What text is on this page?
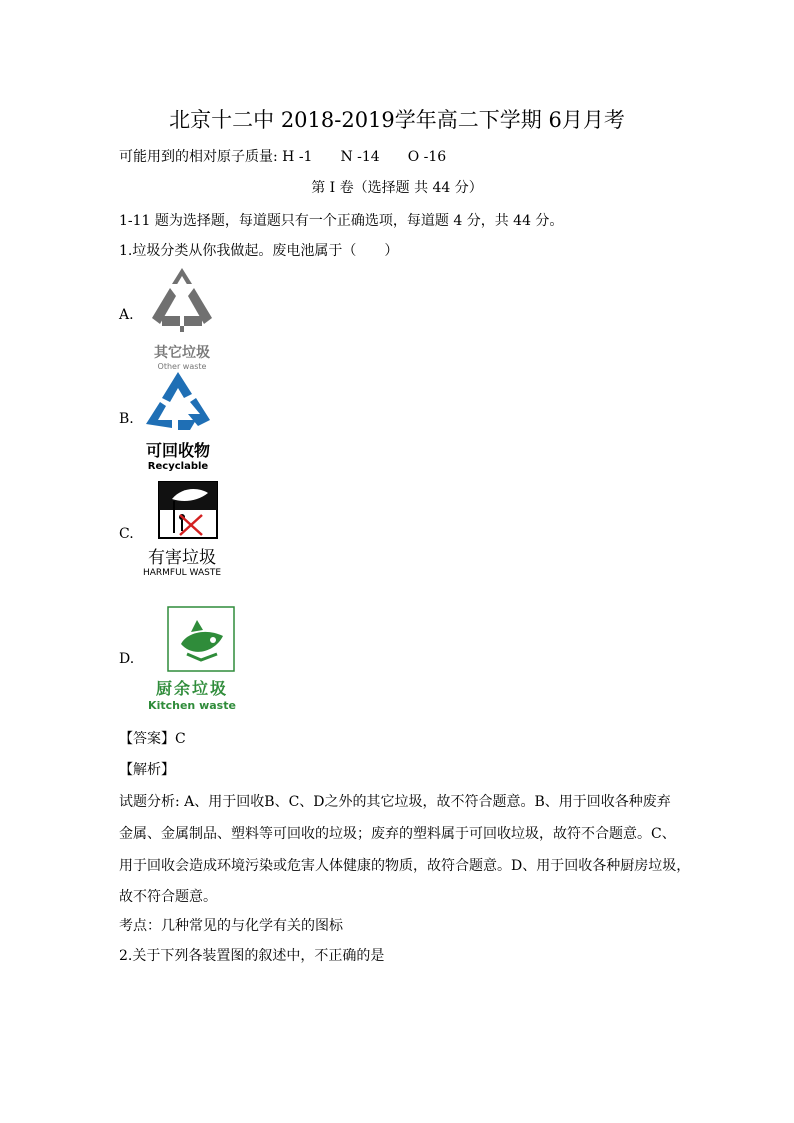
北京十二中 2018-2019学年高二下学期 6月月考
可能用到的相对原子质量: H -1　　N -14　　O -16
第 I 卷（选择题 共 44 分）
1-11 题为选择题，每道题只有一个正确选项，每道题 4 分，共 44 分。
1.垃圾分类从你我做起。废电池属于（　　）
A.
其它垃圾
Other waste
B.
可回收物
Recyclable
C.
有害垃圾
HARMFUL WASTE
D.
厨余垃圾
Kitchen waste
【答案】C
【解析】
试题分析: A、用于回收B、C、D之外的其它垃圾，故不符合题意。B、用于回收各种废弃
金属、金属制品、塑料等可回收的垃圾；废弃的塑料属于可回收垃圾，故符不合题意。C、
用于回收会造成环境污染或危害人体健康的物质，故符合题意。D、用于回收各种厨房垃圾，
故不符合题意。
考点：几种常见的与化学有关的图标
2.关于下列各装置图的叙述中，不正确的是
